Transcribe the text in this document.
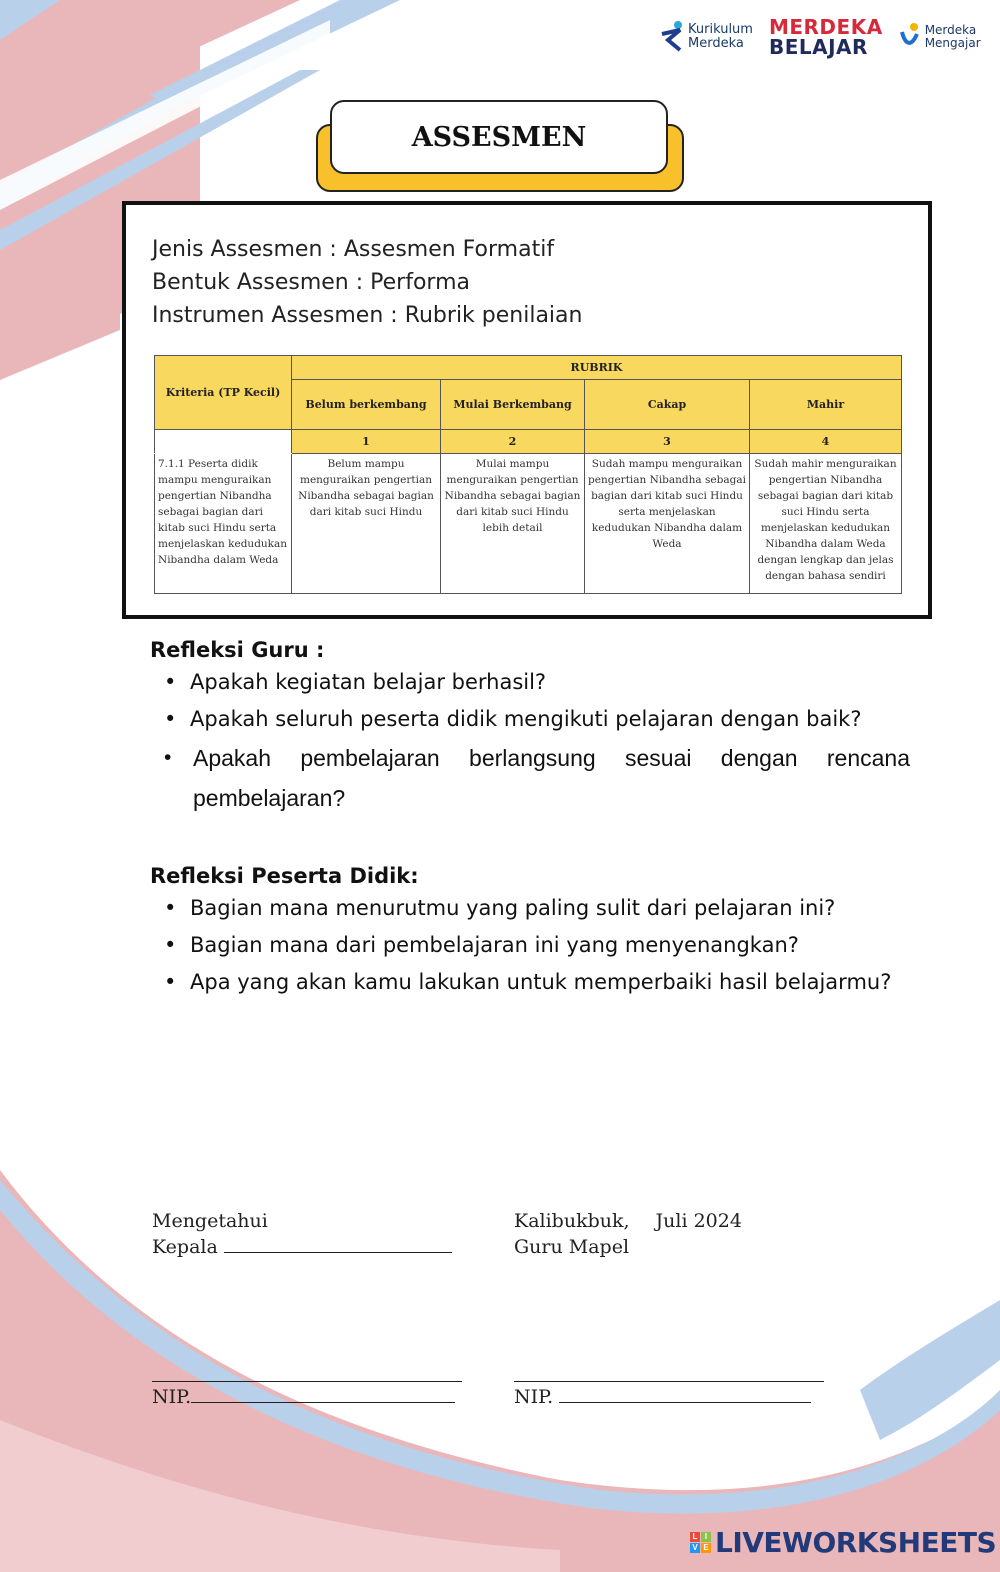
Kurikulum
Merdeka
MERDEKA
BELAJAR
Merdeka
Mengajar
ASSESMEN
Jenis Assesmen : Assesmen Formatif
Bentuk Assesmen : Performa
Instrumen Assesmen : Rubrik penilaian
Kriteria (TP Kecil)	RUBRIK			
	Belum berkembang	Mulai Berkembang	Cakap	Mahir
	1	2	3	4
7.1.1 Peserta didik mampu menguraikan pengertian Nibandha sebagai bagian dari kitab suci Hindu serta menjelaskan kedudukan Nibandha dalam Weda	Belum mampu menguraikan pengertian Nibandha sebagai bagian dari kitab suci Hindu	Mulai mampu menguraikan pengertian Nibandha sebagai bagian dari kitab suci Hindu lebih detail	Sudah mampu menguraikan pengertian Nibandha sebagai bagian dari kitab suci Hindu serta menjelaskan kedudukan Nibandha dalam Weda	Sudah mahir menguraikan pengertian Nibandha sebagai bagian dari kitab suci Hindu serta menjelaskan kedudukan Nibandha dalam Weda dengan lengkap dan jelas dengan bahasa sendiri
Refleksi Guru :
• Apakah kegiatan belajar berhasil?
• Apakah seluruh peserta didik mengikuti pelajaran dengan baik?
• Apakah pembelajaran berlangsung sesuai dengan rencana pembelajaran?
Refleksi Peserta Didik:
• Bagian mana menurutmu yang paling sulit dari pelajaran ini?
• Bagian mana dari pembelajaran ini yang menyenangkan?
• Apa yang akan kamu lakukan untuk memperbaiki hasil belajarmu?
Mengetahui
Kepala
Kalibukbuk, Juli 2024
Guru Mapel
NIP.	NIP.
L I
V E LIVEWORKSHEETS
